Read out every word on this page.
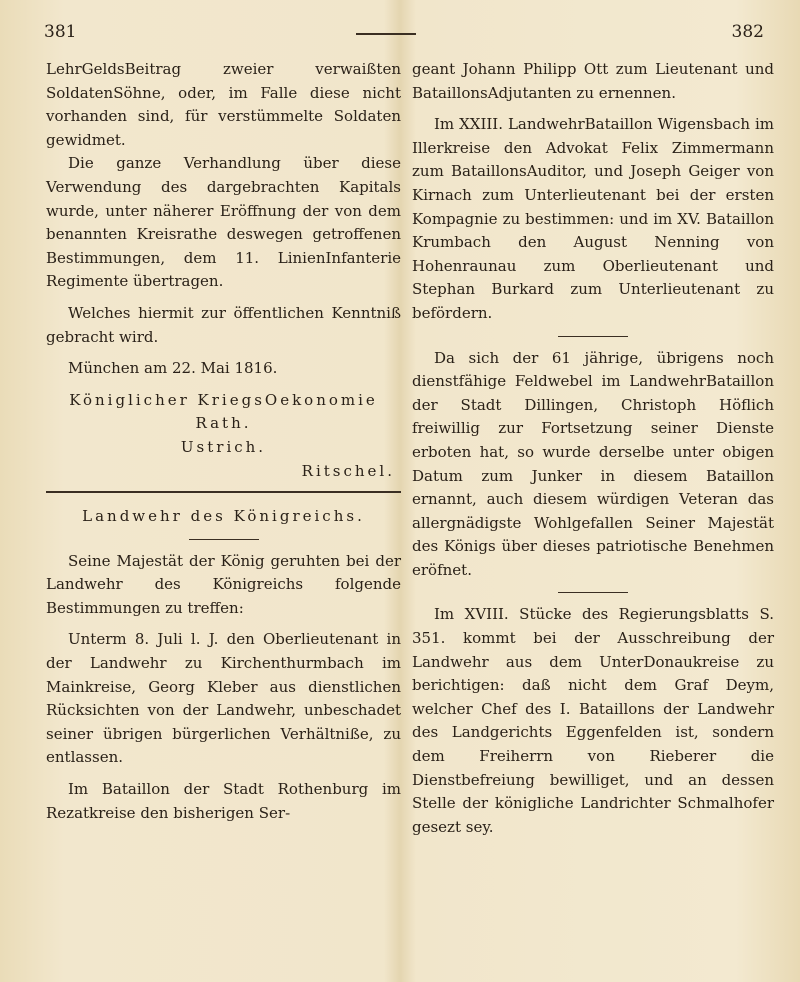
381	382

LehrGeldsBeitrag zweier verwaißten SoldatenSöhne, oder, im Falle diese nicht vorhanden sind, für verstümmelte Soldaten gewidmet.

Die ganze Verhandlung über diese Verwendung des dargebrachten Kapitals wurde, unter näherer Eröffnung der von dem benannten Kreisrathe deswegen getroffenen Bestimmungen, dem 11. LinienInfanterie Regimente übertragen.

Welches hiermit zur öffentlichen Kenntniß gebracht wird.

München am 22. Mai 1816.

Königlicher KriegsOekonomie Rath.

Ustrich.

Ritschel.

Landwehr des Königreichs.

Seine Majestät der König geruhten bei der Landwehr des Königreichs folgende Bestimmungen zu treffen:

Unterm 8. Juli l. J. den Oberlieutenant in der Landwehr zu Kirchenthurmbach im Mainkreise, Georg Kleber aus dienstlichen Rücksichten von der Landwehr, unbeschadet seiner übrigen bürgerlichen Verhältniße, zu entlassen.

Im Bataillon der Stadt Rothenburg im Rezatkreise den bisherigen Ser-

geant Johann Philipp Ott zum Lieutenant und BataillonsAdjutanten zu ernennen.

Im XXIII. LandwehrBataillon Wigensbach im Illerkreise den Advokat Felix Zimmermann zum BataillonsAuditor, und Joseph Geiger von Kirnach zum Unterlieutenant bei der ersten Kompagnie zu bestimmen: und im XV. Bataillon Krumbach den August Nenning von Hohenraunau zum Oberlieutenant und Stephan Burkard zum Unterlieutenant zu befördern.

Da sich der 61 jährige, übrigens noch dienstfähige Feldwebel im LandwehrBataillon der Stadt Dillingen, Christoph Höflich freiwillig zur Fortsetzung seiner Dienste erboten hat, so wurde derselbe unter obigen Datum zum Junker in diesem Bataillon ernannt, auch diesem würdigen Veteran das allergnädigste Wohlgefallen Seiner Majestät des Königs über dieses patriotische Benehmen eröfnet.

Im XVIII. Stücke des Regierungsblatts S. 351. kommt bei der Ausschreibung der Landwehr aus dem UnterDonaukreise zu berichtigen: daß nicht dem Graf Deym, welcher Chef des I. Bataillons der Landwehr des Landgerichts Eggenfelden ist, sondern dem Freiherrn von Rieberer die Dienstbefreiung bewilliget, und an dessen Stelle der königliche Landrichter Schmalhofer gesezt sey.
